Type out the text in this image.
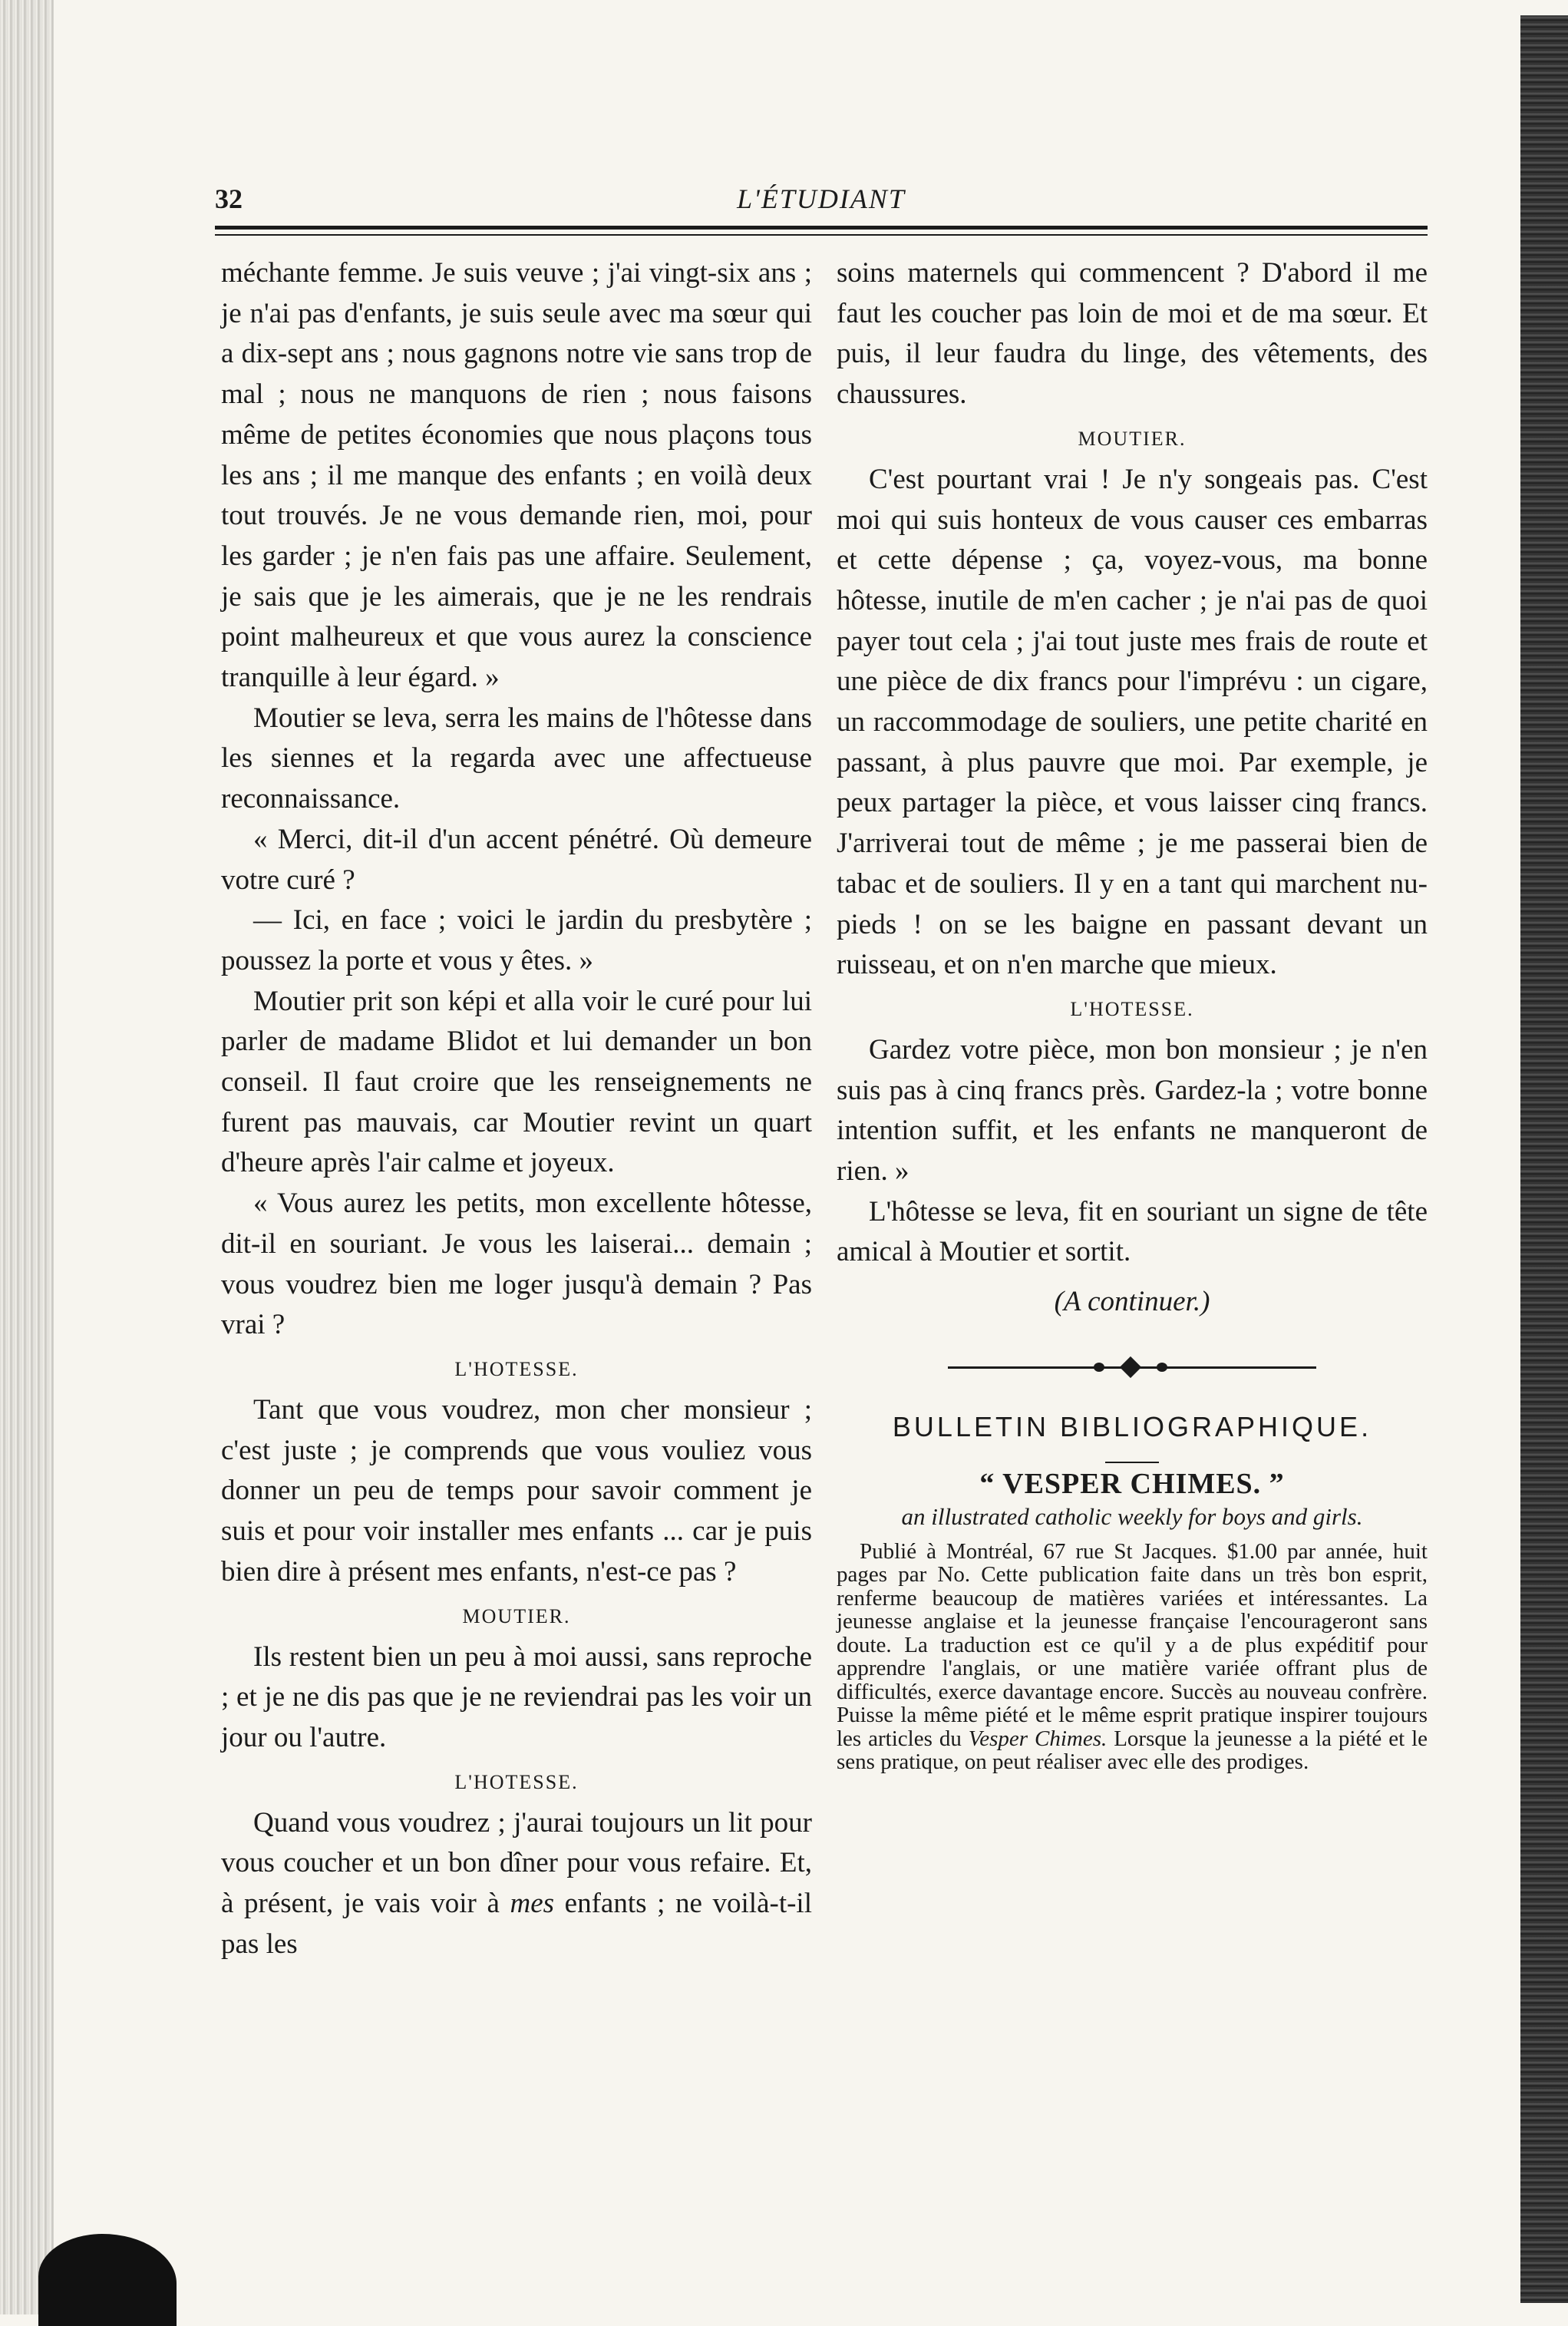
32	L'ÉTUDIANT

méchante femme. Je suis veuve ; j'ai vingt-six ans ; je n'ai pas d'enfants, je suis seule avec ma sœur qui a dix-sept ans ; nous gagnons notre vie sans trop de mal ; nous ne manquons de rien ; nous faisons même de petites économies que nous plaçons tous les ans ; il me manque des enfants ; en voilà deux tout trouvés. Je ne vous demande rien, moi, pour les garder ; je n'en fais pas une affaire. Seulement, je sais que je les aimerais, que je ne les rendrais point malheureux et que vous aurez la conscience tranquille à leur égard. »

Moutier se leva, serra les mains de l'hôtesse dans les siennes et la regarda avec une affectueuse reconnaissance.

« Merci, dit-il d'un accent pénétré. Où demeure votre curé ?

— Ici, en face ; voici le jardin du presbytère ; poussez la porte et vous y êtes. »

Moutier prit son képi et alla voir le curé pour lui parler de madame Blidot et lui demander un bon conseil. Il faut croire que les renseignements ne furent pas mauvais, car Moutier revint un quart d'heure après l'air calme et joyeux.

« Vous aurez les petits, mon excellente hôtesse, dit-il en souriant. Je vous les laiserai... demain ; vous voudrez bien me loger jusqu'à demain ? Pas vrai ?

L'HOTESSE.

Tant que vous voudrez, mon cher monsieur ; c'est juste ; je comprends que vous vouliez vous donner un peu de temps pour savoir comment je suis et pour voir installer mes enfants ... car je puis bien dire à présent mes enfants, n'est-ce pas ?

MOUTIER.

Ils restent bien un peu à moi aussi, sans reproche ; et je ne dis pas que je ne reviendrai pas les voir un jour ou l'autre.

L'HOTESSE.

Quand vous voudrez ; j'aurai toujours un lit pour vous coucher et un bon dîner pour vous refaire. Et, à présent, je vais voir à mes enfants ; ne voilà-t-il pas les

soins maternels qui commencent ? D'abord il me faut les coucher pas loin de moi et de ma sœur. Et puis, il leur faudra du linge, des vêtements, des chaussures.

MOUTIER.

C'est pourtant vrai ! Je n'y songeais pas. C'est moi qui suis honteux de vous causer ces embarras et cette dépense ; ça, voyez-vous, ma bonne hôtesse, inutile de m'en cacher ; je n'ai pas de quoi payer tout cela ; j'ai tout juste mes frais de route et une pièce de dix francs pour l'imprévu : un cigare, un raccommodage de souliers, une petite charité en passant, à plus pauvre que moi. Par exemple, je peux partager la pièce, et vous laisser cinq francs. J'arriverai tout de même ; je me passerai bien de tabac et de souliers. Il y en a tant qui marchent nu-pieds ! on se les baigne en passant devant un ruisseau, et on n'en marche que mieux.

L'HOTESSE.

Gardez votre pièce, mon bon monsieur ; je n'en suis pas à cinq francs près. Gardez-la ; votre bonne intention suffit, et les enfants ne manqueront de rien. »

L'hôtesse se leva, fit en souriant un signe de tête amical à Moutier et sortit.

(A continuer.)

BULLETIN BIBLIOGRAPHIQUE.

“ VESPER CHIMES. ”

an illustrated catholic weekly for boys and girls.

Publié à Montréal, 67 rue St Jacques. $1.00 par année, huit pages par No. Cette publication faite dans un très bon esprit, renferme beaucoup de matières variées et intéressantes. La jeunesse anglaise et la jeunesse française l'encourageront sans doute. La traduction est ce qu'il y a de plus expéditif pour apprendre l'anglais, or une matière variée offrant plus de difficultés, exerce davantage encore. Succès au nouveau confrère. Puisse la même piété et le même esprit pratique inspirer toujours les articles du Vesper Chimes. Lorsque la jeunesse a la piété et le sens pratique, on peut réaliser avec elle des prodiges.
